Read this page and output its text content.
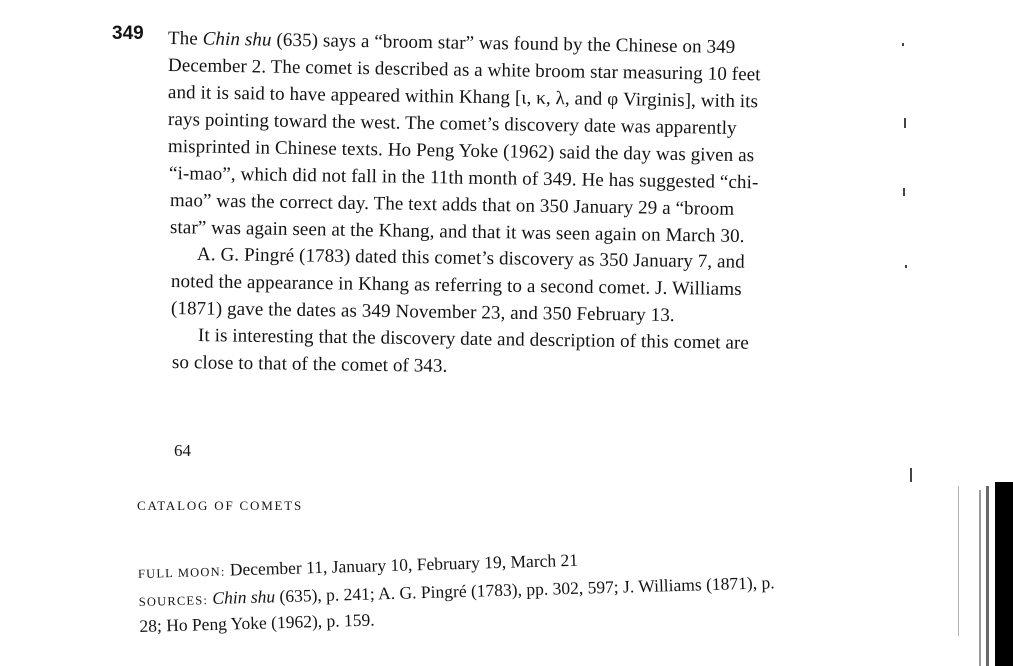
349 The Chin shu (635) says a “broom star” was found by the Chinese on 349
December 2. The comet is described as a white broom star measuring 10 feet
and it is said to have appeared within Khang [ι, κ, λ, and φ Virginis], with its
rays pointing toward the west. The comet’s discovery date was apparently
misprinted in Chinese texts. Ho Peng Yoke (1962) said the day was given as
“i-mao”, which did not fall in the 11th month of 349. He has suggested “chi-
mao” was the correct day. The text adds that on 350 January 29 a “broom
star” was again seen at the Khang, and that it was seen again on March 30.
A. G. Pingré (1783) dated this comet’s discovery as 350 January 7, and
noted the appearance in Khang as referring to a second comet. J. Williams
(1871) gave the dates as 349 November 23, and 350 February 13.
It is interesting that the discovery date and description of this comet are
so close to that of the comet of 343.
64
CATALOG OF COMETS
FULL MOON: December 11, January 10, February 19, March 21
SOURCES: Chin shu (635), p. 241; A. G. Pingré (1783), pp. 302, 597; J. Williams (1871), p.
28; Ho Peng Yoke (1962), p. 159.
